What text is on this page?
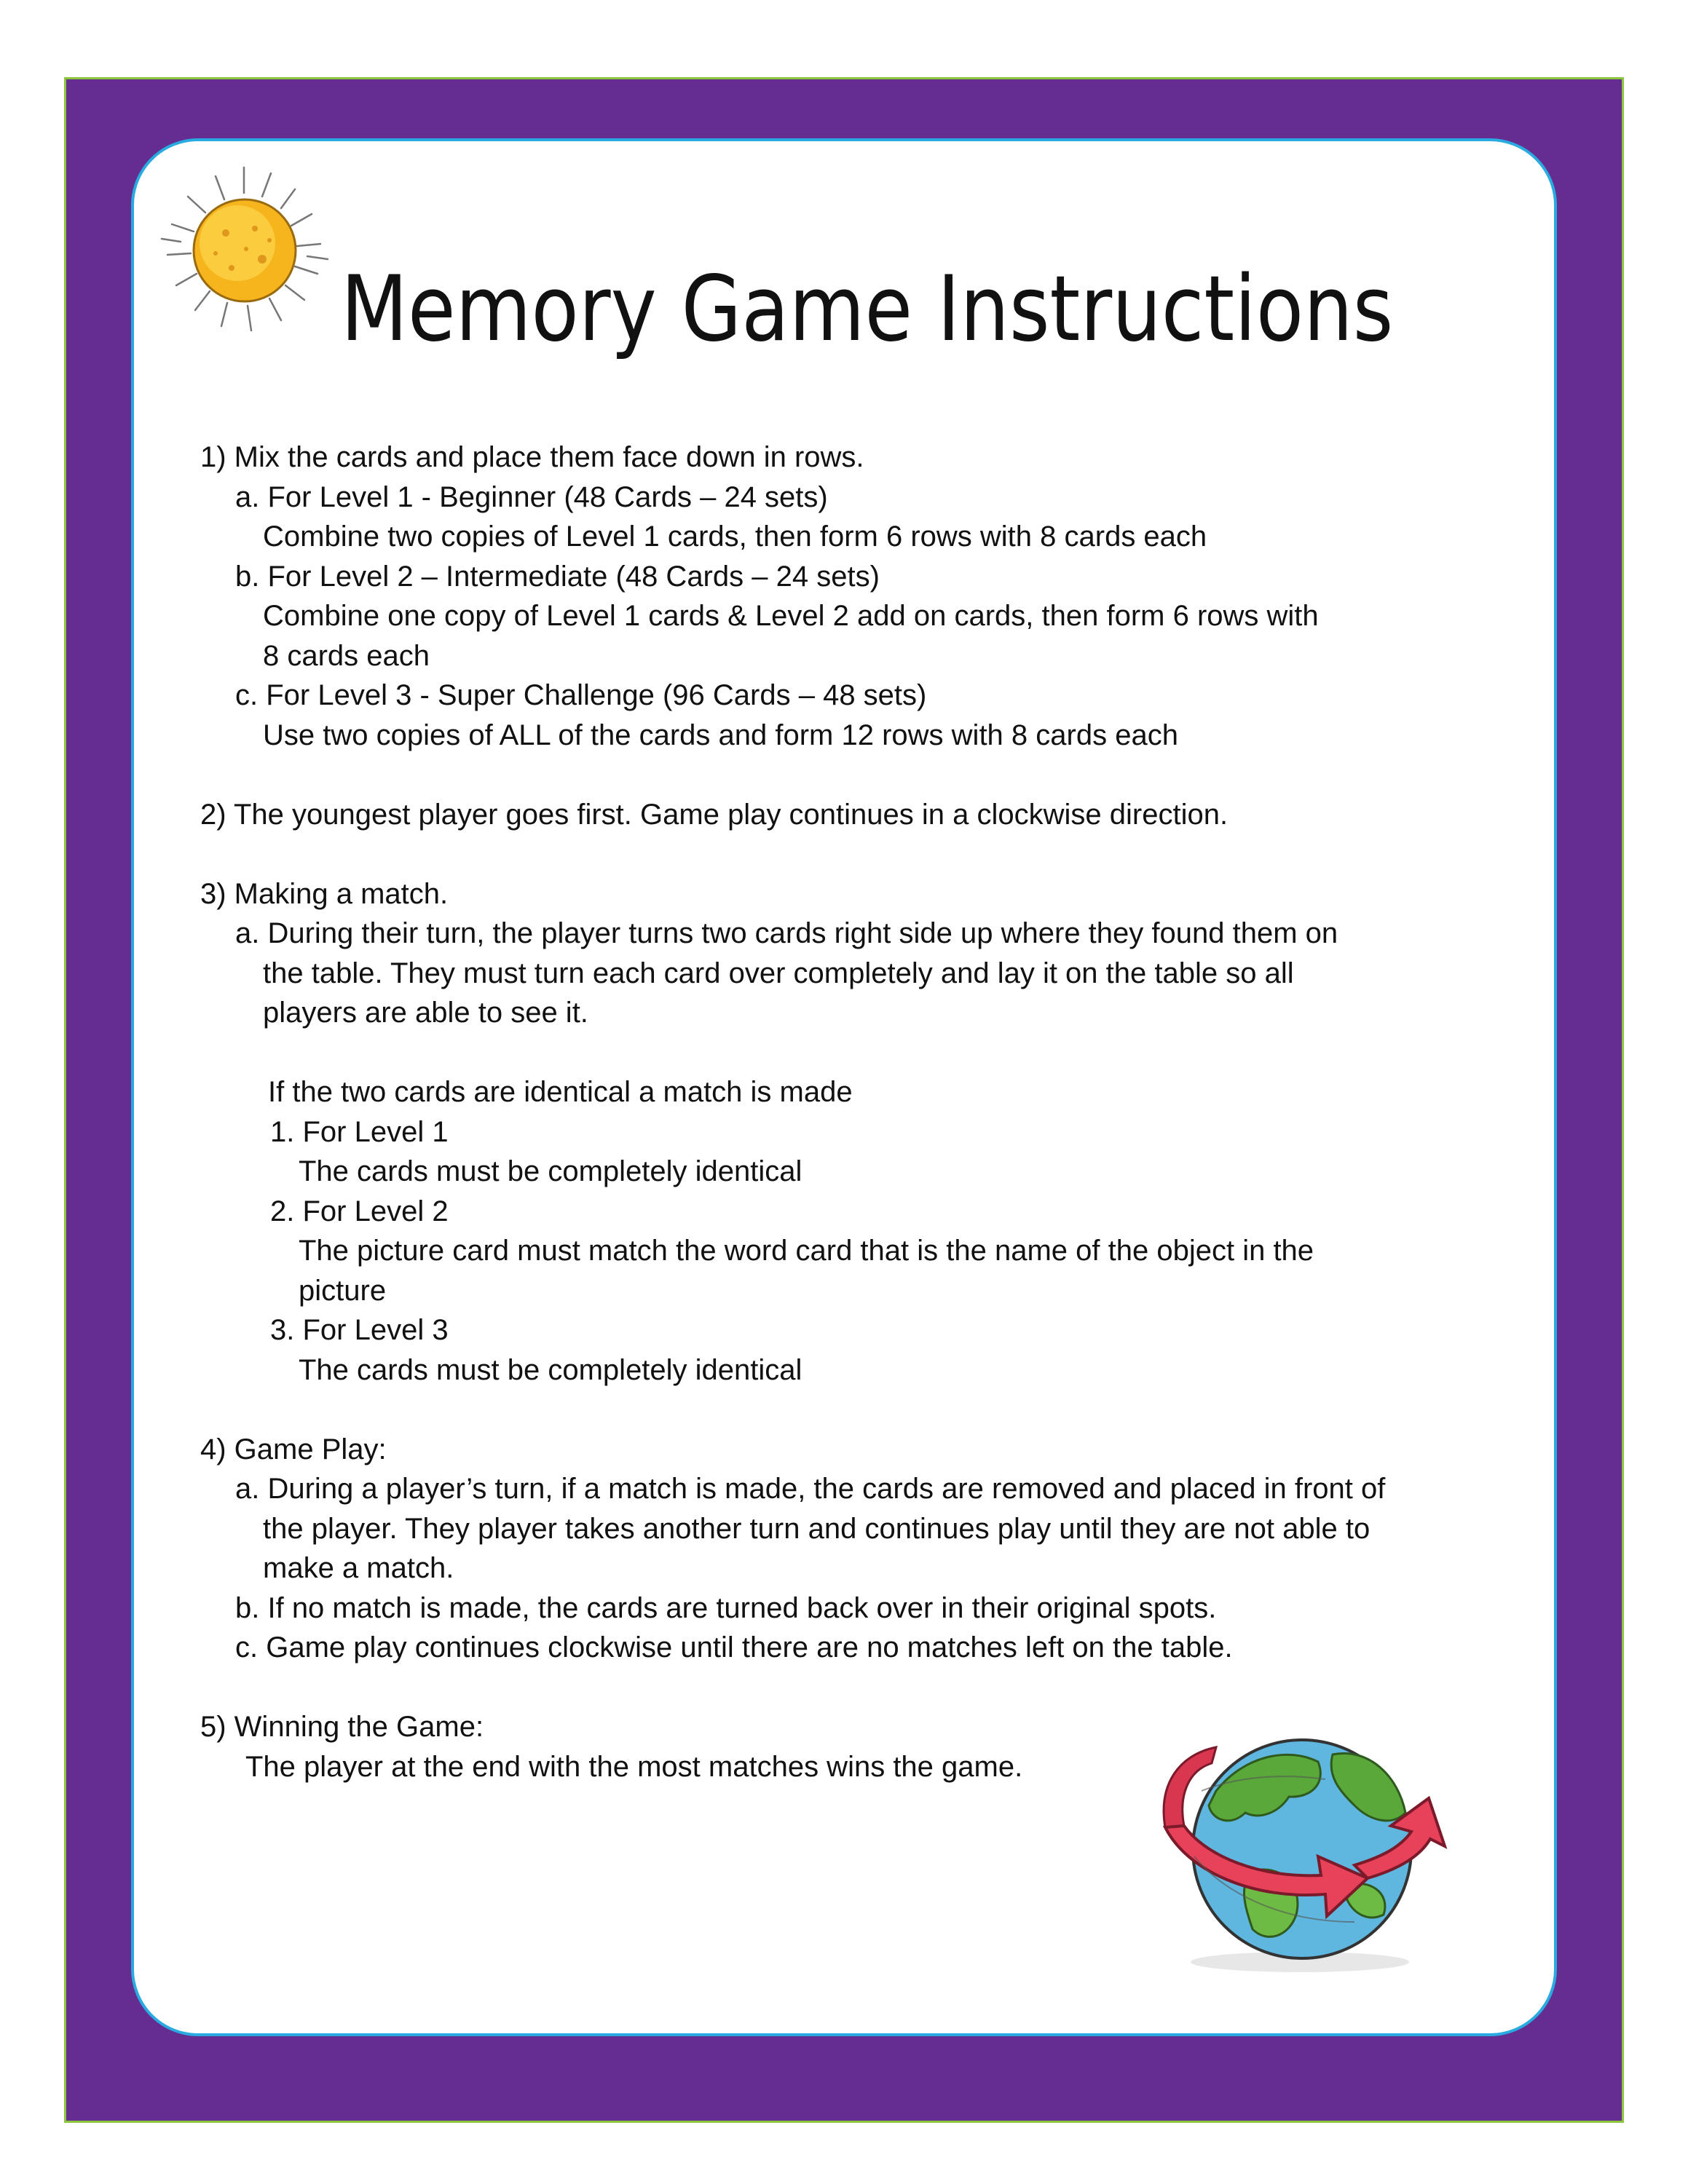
Memory Game Instructions
1) Mix the cards and place them face down in rows.
a. For Level 1 - Beginner (48 Cards – 24 sets)
Combine two copies of Level 1 cards, then form 6 rows with 8 cards each
b. For Level 2 – Intermediate (48 Cards – 24 sets)
Combine one copy of Level 1 cards & Level 2 add on cards, then form 6 rows with
8 cards each
c. For Level 3 - Super Challenge (96 Cards – 48 sets)
Use two copies of ALL of the cards and form 12 rows with 8 cards each
2) The youngest player goes first. Game play continues in a clockwise direction.
3) Making a match.
a. During their turn, the player turns two cards right side up where they found them on
the table. They must turn each card over completely and lay it on the table so all
players are able to see it.
If the two cards are identical a match is made
1. For Level 1
The cards must be completely identical
2. For Level 2
The picture card must match the word card that is the name of the object in the
picture
3. For Level 3
The cards must be completely identical
4) Game Play:
a. During a player’s turn, if a match is made, the cards are removed and placed in front of
the player. They player takes another turn and continues play until they are not able to
make a match.
b. If no match is made, the cards are turned back over in their original spots.
c. Game play continues clockwise until there are no matches left on the table.
5) Winning the Game:
The player at the end with the most matches wins the game.
